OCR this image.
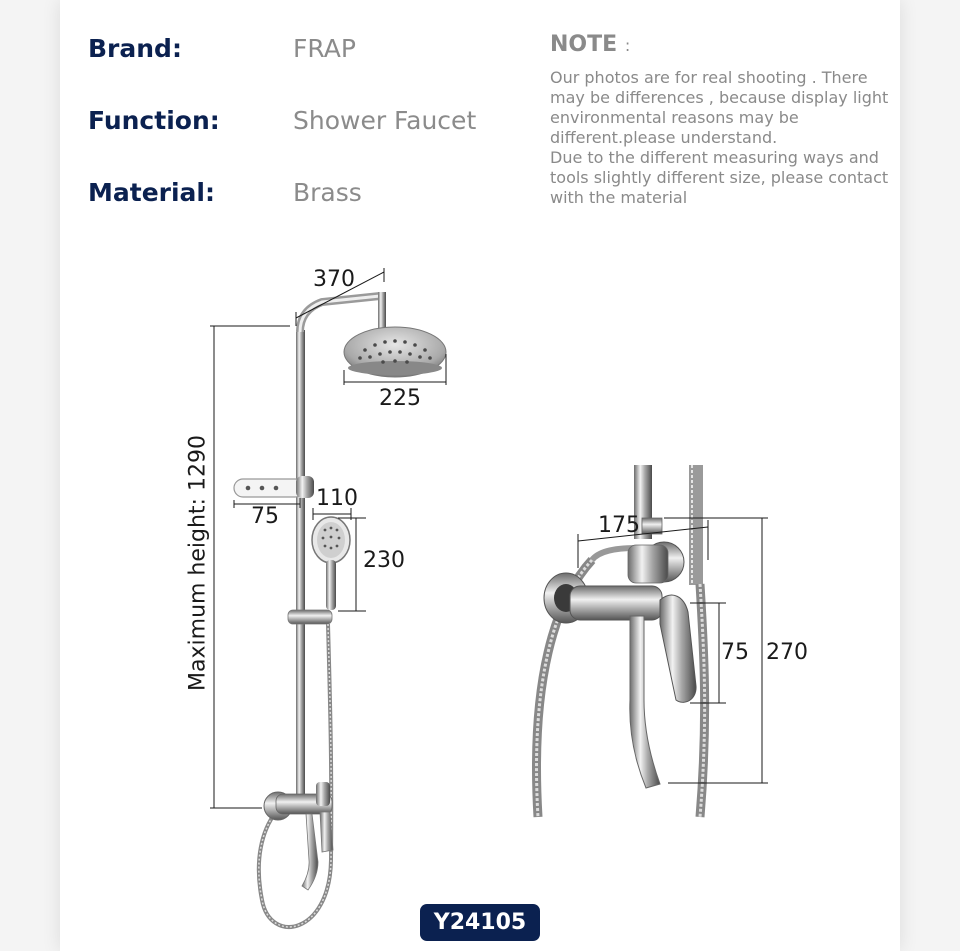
Brand:	FRAP
Function:	Shower Faucet
Material:	Brass
NOTE :

Our photos are for real shooting . There may be differences , because display light environmental reasons may be different.please understand.

Due to the different measuring ways and tools slightly different size, please contact with the material

370
225
75
110
230
Maximum height: 1290	175
75 270
Y24105
